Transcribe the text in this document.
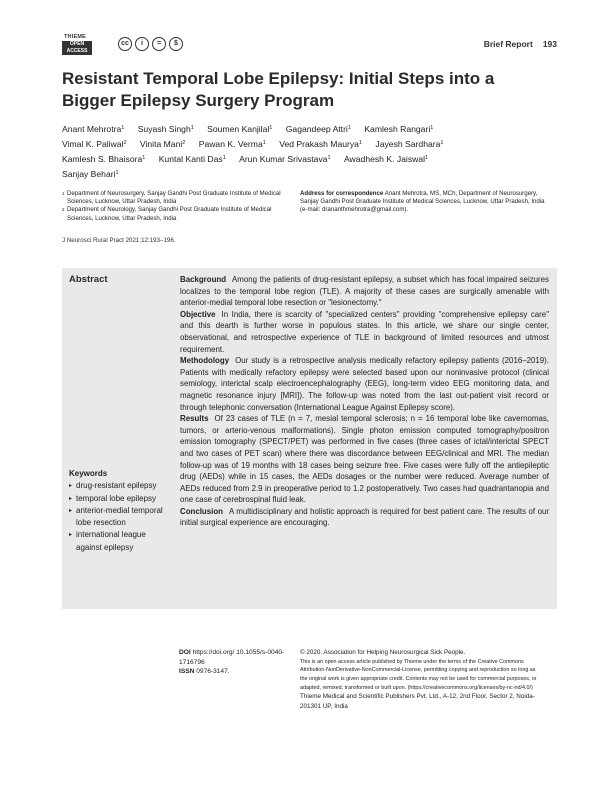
THIEME
OPEN
ACCESS
cc	i	=	$	Brief Report 193
Resistant Temporal Lobe Epilepsy: Initial Steps into a Bigger Epilepsy Surgery Program
Anant Mehrotra$^1$ Suyash Singh$^1$ Soumen Kanjilal$^1$ Gagandeep Attri$^1$ Kamlesh Rangari$^1$ Vimal K. Paliwal$^2$ Vinita Mani$^2$ Pawan K. Verma$^1$ Ved Prakash Maurya$^1$ Jayesh Sardhara$^1$ Kamlesh S. Bhaisora$^1$ Kuntal Kanti Das$^1$ Arun Kumar Srivastava$^1$ Awadhesh K. Jaiswal$^1$ Sanjay Behari$^1$
1 Department of Neurosurgery, Sanjay Gandhi Post Graduate Institute of Medical Sciences, Lucknow, Uttar Pradesh, India
2 Department of Neurology, Sanjay Gandhi Post Graduate Institute of Medical Sciences, Lucknow, Uttar Pradesh, India
Address for correspondence Anant Mehrotra, MS, MCh, Department of Neurosurgery, Sanjay Gandhi Post Graduate Institute of Medical Sciences, Lucknow, Uttar Pradesh, India (e-mail: drananthmehrotra@gmail.com).
J Neurosci Rural Pract 2021;12:193–196.
Abstract
Keywords
▸ drug-resistant epilepsy
▸ temporal lobe epilepsy
▸ anterior-medial temporal lobe resection
▸ international league against epilepsy

Background Among the patients of drug-resistant epilepsy, a subset which has focal impaired seizures localizes to the temporal lobe region (TLE). A majority of these cases are surgically amenable with anterior-medial temporal lobe resection or "lesionectomy."

Objective In India, there is scarcity of "specialized centers" providing "comprehensive epilepsy care" and this dearth is further worse in populous states. In this article, we share our single center, observational, and retrospective experience of TLE in background of limited resources and utmost requirement.

Methodology Our study is a retrospective analysis medically refactory epilepsy patients (2016–2019). Patients with medically refactory epilepsy were selected based upon our noninvasive protocol (clinical semiology, interictal scalp electroencephalography (EEG), long-term video EEG monitoring data, and magnetic resonance injury [MRI]). The follow-up was noted from the last out-patient visit record or through telephonic conversation (International League Against Epilepsy score).

Results Of 23 cases of TLE (n = 7, mesial temporal sclerosis; n = 16 temporal lobe like cavernomas, tumors, or arterio-venous malformations). Single photon emission computed tomography/positron emission tomography (SPECT/PET) was performed in five cases (three cases of ictal/interictal SPECT and two cases of PET scan) where there was discordance between EEG/clinical and MRI. The median follow-up was of 19 months with 18 cases being seizure free. Five cases were fully off the antiepileptic drug (AEDs) while in 15 cases, the AEDs dosages or the number were reduced. Average number of AEDs reduced from 2.9 in preoperative period to 1.2 postoperatively. Two cases had quadrantanopia and one case of cerebrospinal fluid leak.

Conclusion A multidisciplinary and holistic approach is required for best patient care. The results of our initial surgical experience are encouraging.

DOI https://doi.org/ 10.1055/s-0040-1716796
ISSN 0976-3147.
© 2020. Association for Helping Neurosurgical Sick People.
This is an open access article published by Thieme under the terms of the Creative Commons Attribution-NonDerivative-NonCommercial-License, permitting copying and reproduction so long as the original work is given appropriate credit. Contents may not be used for commercial purposes, or adapted, remixed, transformed or built upon. (https://creativecommons.org/licenses/by-nc-nd/4.0/)
Thieme Medical and Scientific Publishers Pvt. Ltd., A-12, 2nd Floor, Sector 2, Noida-201301 UP, India
